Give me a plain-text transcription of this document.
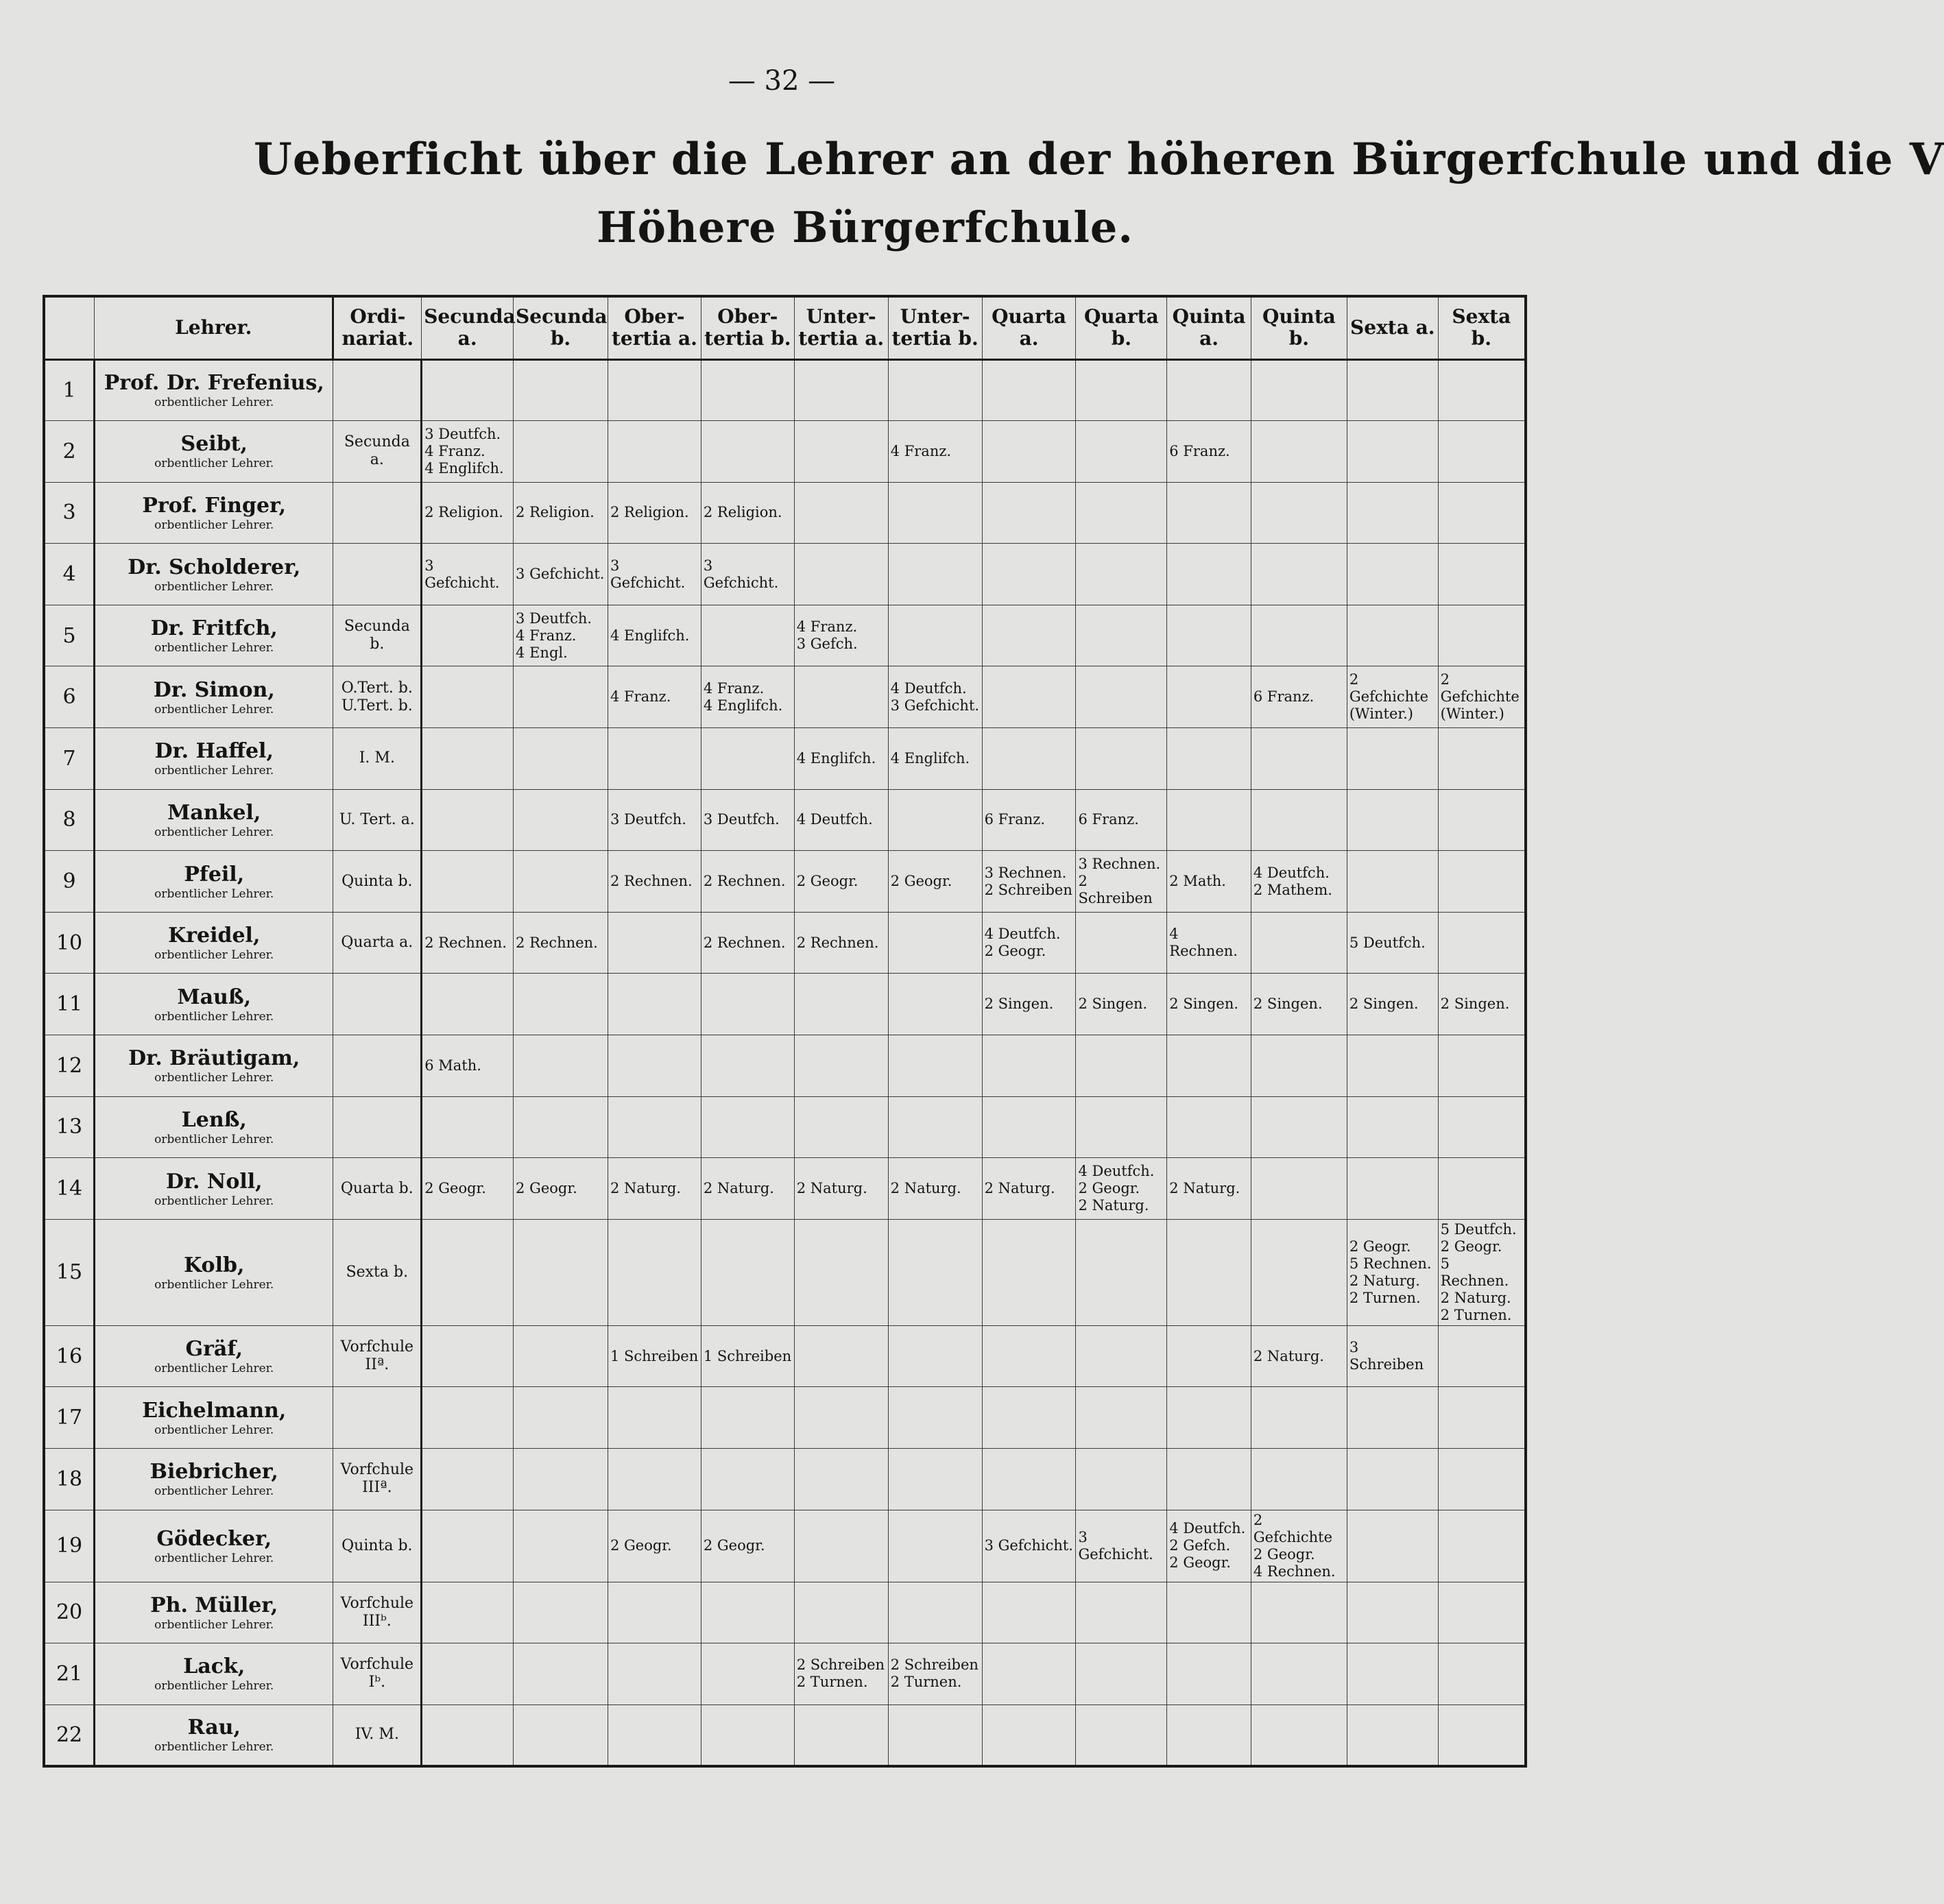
— 32 —
Ueberficht über die Lehrer an der höheren Bürgerfchule und die V
Höhere Bürgerfchule.
	Lehrer.	Ordi-
nariat.	Secunda
a.	Secunda
b.	Ober-
tertia a.	Ober-
tertia b.	Unter-
tertia a.	Unter-
tertia b.	Quarta
a.	Quarta
b.	Quinta
a.	Quinta
b.	Sexta a.	Sexta b.
1	Prof. Dr. Frefenius,
orbentlicher Lehrer.													

2	Seibt,
orbentlicher Lehrer.	Secunda
a.	3 Deutfch.
4 Franz.
4 Englifch.					4 Franz.			6 Franz.			
3	Prof. Finger,
orbentlicher Lehrer.		2 Religion.	2 Religion.	2 Religion.	2 Religion.								
4	Dr. Scholderer,
orbentlicher Lehrer.		3 Gefchicht.	3 Gefchicht.	3 Gefchicht.	3 Gefchicht.								
5	Dr. Fritfch,
orbentlicher Lehrer.	Secunda
b.		3 Deutfch.
4 Franz.
4 Engl.	4 Englifch.		4 Franz.
3 Gefch.							
6	Dr. Simon,
orbentlicher Lehrer.	O.Tert. b.
U.Tert. b.			4 Franz.	4 Franz.
4 Englifch.		4 Deutfch.
3 Gefchicht.				6 Franz.	2 Gefchichte
(Winter.)	2 Gefchichte
(Winter.)
7	Dr. Haffel,
orbentlicher Lehrer.	I. M.					4 Englifch.	4 Englifch.						
8	Mankel,
orbentlicher Lehrer.	U. Tert. a.			3 Deutfch.	3 Deutfch.	4 Deutfch.		6 Franz.	6 Franz.				
9	Pfeil,
orbentlicher Lehrer.	Quinta b.			2 Rechnen.	2 Rechnen.	2 Geogr.	2 Geogr.	3 Rechnen.
2 Schreiben	3 Rechnen.
2 Schreiben	2 Math.	4 Deutfch.
2 Mathem.		
10	Kreidel,
orbentlicher Lehrer.	Quarta a.	2 Rechnen.	2 Rechnen.		2 Rechnen.	2 Rechnen.		4 Deutfch.
2 Geogr.		4 Rechnen.		5 Deutfch.	
11	Mauß,
orbentlicher Lehrer.								2 Singen.	2 Singen.	2 Singen.	2 Singen.	2 Singen.	2 Singen.
12	Dr. Bräutigam,
orbentlicher Lehrer.		6 Math.											
13	Lenß,
orbentlicher Lehrer.													

14	Dr. Noll,
orbentlicher Lehrer.	Quarta b.	2 Geogr.	2 Geogr.	2 Naturg.	2 Naturg.	2 Naturg.	2 Naturg.	2 Naturg.	4 Deutfch.
2 Geogr.
2 Naturg.	2 Naturg.			
15	Kolb,
orbentlicher Lehrer.	Sexta b.											2 Geogr.
5 Rechnen.
2 Naturg.
2 Turnen.	5 Deutfch.
2 Geogr.
5 Rechnen.
2 Naturg.
2 Turnen.
16	Gräf,
orbentlicher Lehrer.	Vorfchule
IIª.			1 Schreiben	1 Schreiben						2 Naturg.	3 Schreiben	
17	Eichelmann,
orbentlicher Lehrer.													

18	Biebricher,
orbentlicher Lehrer.	Vorfchule
IIIª.												
19	Gödecker,
orbentlicher Lehrer.	Quinta b.			2 Geogr.	2 Geogr.			3 Gefchicht.	3 Gefchicht.	4 Deutfch.
2 Gefch.
2 Geogr.	2 Gefchichte
2 Geogr.
4 Rechnen.		
20	Ph. Müller,
orbentlicher Lehrer.	Vorfchule
IIIᵇ.												
21	Lack,
orbentlicher Lehrer.	Vorfchule
Iᵇ.					2 Schreiben
2 Turnen.	2 Schreiben
2 Turnen.						
22	Rau,
orbentlicher Lehrer.	IV. M.												
